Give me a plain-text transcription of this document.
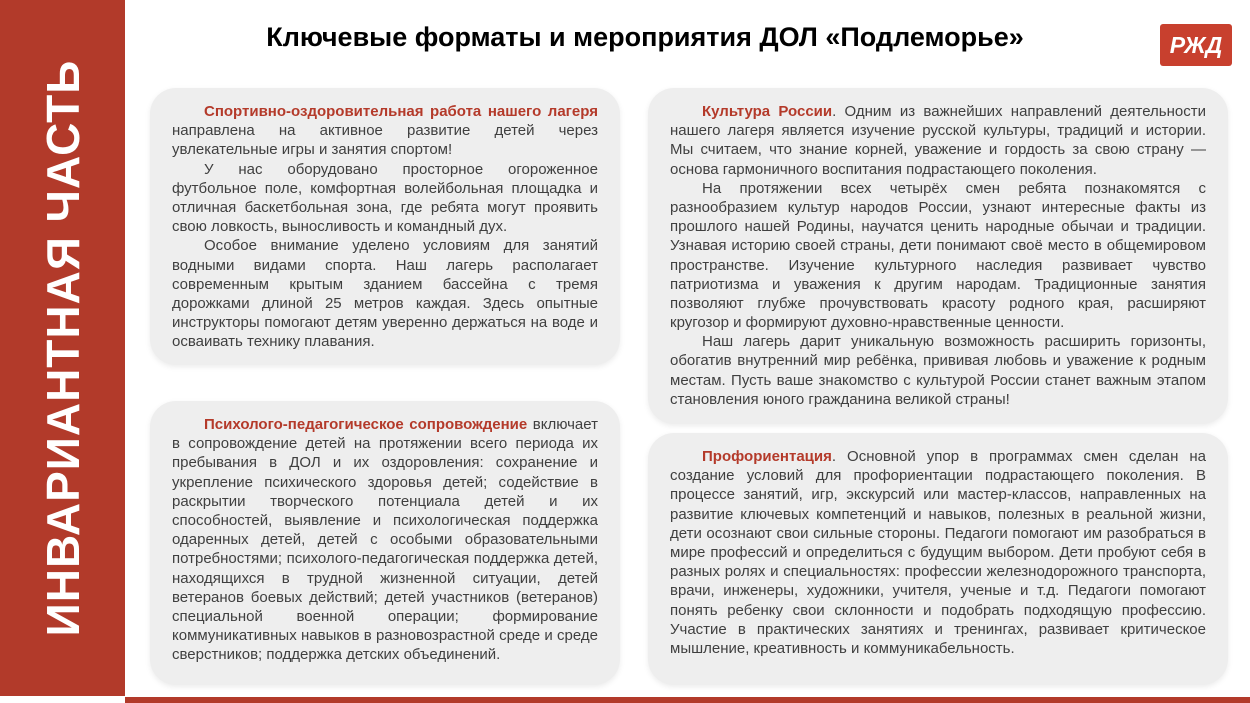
ИНВАРИАНТНАЯ ЧАСТЬ
Ключевые форматы и мероприятия ДОЛ «Подлеморье»	РЖД

Спортивно-оздоровительная работа нашего лагеря направлена на активное развитие детей через увлекательные игры и занятия спортом!

У нас оборудовано просторное огороженное футбольное поле, комфортная волейбольная площадка и отличная баскетбольная зона, где ребята могут проявить свою ловкость, выносливость и командный дух.

Особое внимание уделено условиям для занятий водными видами спорта. Наш лагерь располагает современным крытым зданием бассейна с тремя дорожками длиной 25 метров каждая. Здесь опытные инструкторы помогают детям уверенно держаться на воде и осваивать технику плавания.

Психолого-педагогическое сопровождение включает в сопровождение детей на протяжении всего периода их пребывания в ДОЛ и их оздоровления: сохранение и укрепление психического здоровья детей; содействие в раскрытии творческого потенциала детей и их способностей, выявление и психологическая поддержка одаренных детей, детей с особыми образовательными потребностями; психолого-педагогическая поддержка детей, находящихся в трудной жизненной ситуации, детей ветеранов боевых действий; детей участников (ветеранов) специальной военной операции; формирование коммуникативных навыков в разновозрастной среде и среде сверстников; поддержка детских объединений.

Культура России. Одним из важнейших направлений деятельности нашего лагеря является изучение русской культуры, традиций и истории. Мы считаем, что знание корней, уважение и гордость за свою страну — основа гармоничного воспитания подрастающего поколения.

На протяжении всех четырёх смен ребята познакомятся с разнообразием культур народов России, узнают интересные факты из прошлого нашей Родины, научатся ценить народные обычаи и традиции. Узнавая историю своей страны, дети понимают своё место в общемировом пространстве. Изучение культурного наследия развивает чувство патриотизма и уважения к другим народам. Традиционные занятия позволяют глубже прочувствовать красоту родного края, расширяют кругозор и формируют духовно-нравственные ценности.

Наш лагерь дарит уникальную возможность расширить горизонты, обогатив внутренний мир ребёнка, прививая любовь и уважение к родным местам. Пусть ваше знакомство с культурой России станет важным этапом становления юного гражданина великой страны!

Профориентация. Основной упор в программах смен сделан на создание условий для профориентации подрастающего поколения. В процессе занятий, игр, экскурсий или мастер-классов, направленных на развитие ключевых компетенций и навыков, полезных в реальной жизни, дети осознают свои сильные стороны. Педагоги помогают им разобраться в мире профессий и определиться с будущим выбором. Дети пробуют себя в разных ролях и специальностях: профессии железнодорожного транспорта, врачи, инженеры, художники, учителя, ученые и т.д. Педагоги помогают понять ребенку свои склонности и подобрать подходящую профессию. Участие в практических занятиях и тренингах, развивает критическое мышление, креативность и коммуникабельность.
